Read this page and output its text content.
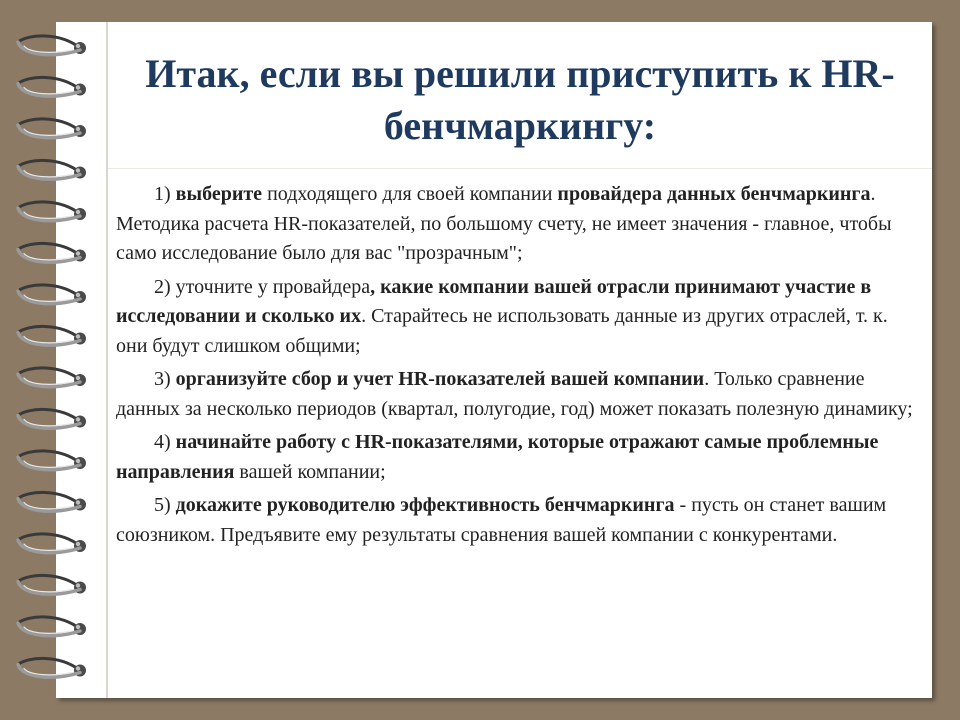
Итак, если вы решили приступить к HR-бенчмаркингу:

1) выберите подходящего для своей компании провайдера данных бенчмаркинга. Методика расчета HR-показателей, по большому счету, не имеет значения - главное, чтобы само исследование было для вас "прозрачным";

2) уточните у провайдера, какие компании вашей отрасли принимают участие в исследовании и сколько их. Старайтесь не использовать данные из других отраслей, т. к. они будут слишком общими;

3) организуйте сбор и учет HR-показателей вашей компании. Только сравнение данных за несколько периодов (квартал, полугодие, год) может показать полезную динамику;

4) начинайте работу с HR-показателями, которые отражают самые проблемные направления вашей компании;

5) докажите руководителю эффективность бенчмаркинга - пусть он станет вашим союзником. Предъявите ему результаты сравнения вашей компании с конкурентами.
